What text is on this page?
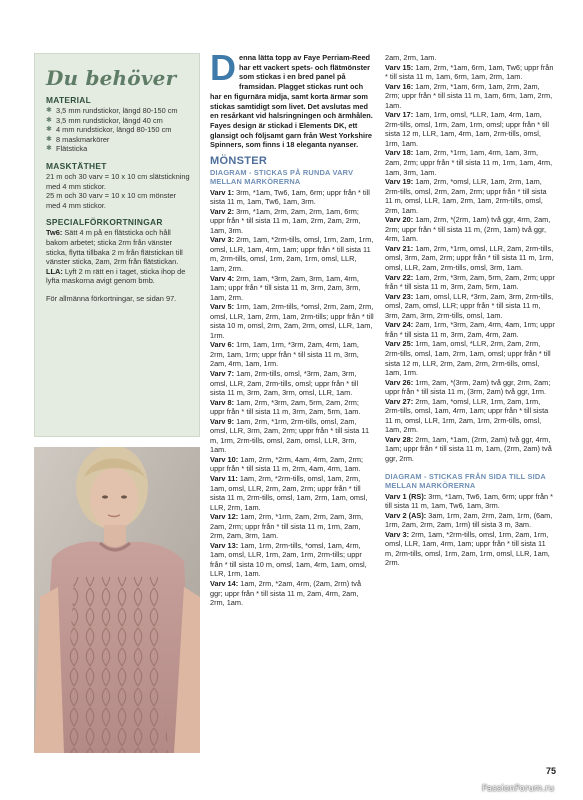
Du behöver
MATERIAL
✱ 3,5 mm rundstickor, längd 80-150 cm
✱ 3,5 mm rundstickor, längd 40 cm
✱ 4 mm rundstickor, längd 80-150 cm
✱ 8 maskmarkörer
✱ Flätsticka
MASKTÄTHET

21 m och 30 varv = 10 x 10 cm slätstickning med 4 mm stickor.

25 m och 30 varv = 10 x 10 cm mönster med 4 mm stickor.

SPECIALFÖRKORTNINGAR

Tw6: Sätt 4 m på en flätsticka och håll bakom arbetet; sticka 2rm från vänster sticka, flytta tillbaka 2 m från flätstickan till vänster sticka, 2am, 2rm från flätstickan.

LLA: Lyft 2 m rätt en i taget, sticka ihop de lyfta maskorna avigt genom bmb.

För allmänna förkortningar, se sidan 97.

Denna lätta topp av Faye Perriam-Reed har ett vackert spets- och flätmönster som stickas i en bred panel på framsidan. Plagget stickas runt och har en figurnära midja, samt korta ärmar som stickas samtidigt som livet. Det avslutas med en resårkant vid halsringningen och ärmhålen. Fayes design är stickad i Elements DK, ett glansigt och följsamt garn från West Yorkshire Spinners, som finns i 18 eleganta nyanser.
MÖNSTER
DIAGRAM - STICKAS PÅ RUNDA VARV MELLAN MARKÖRERNA
Varv 1: 3rm, *1am, Tw6, 1am, 6rm; uppr från * till sista 11 m, 1am, Tw6, 1am, 3rm.
Varv 2: 3rm, *1am, 2rm, 2am, 2rm, 1am, 6rm; uppr från * till sista 11 m, 1am, 2rm, 2am, 2rm, 1am, 3rm.
Varv 3: 2rm, 1am, *2rm-tills, omsl, 1rm, 2am, 1rm, omsl, LLR, 1am, 4rm, 1am; uppr från * till sista 11 m, 2rm-tills, omsl, 1rm, 2am, 1rm, omsl, LLR, 1am, 2rm.
Varv 4: 2rm, 1am, *3rm, 2am, 3rm, 1am, 4rm, 1am; uppr från * till sista 11 m, 3rm, 2am, 3rm, 1am, 2rm.
Varv 5: 1rm, 1am, 2rm-tills, *omsl, 2rm, 2am, 2rm, omsl, LLR, 1am, 2rm, 1am, 2rm-tills; uppr från * till sista 10 m, omsl, 2rm, 2am, 2rm, omsl, LLR, 1am, 1rm.
Varv 6: 1rm, 1am, 1rm, *3rm, 2am, 4rm, 1am, 2rm, 1am, 1rm; uppr från * till sista 11 m, 3rm, 2am, 4rm, 1am, 1rm.
Varv 7: 1am, 2rm-tills, omsl, *3rm, 2am, 3rm, omsl, LLR, 2am, 2rm-tills, omsl; uppr från * till sista 11 m, 3rm, 2am, 3rm, omsl, LLR, 1am.
Varv 8: 1am, 2rm, *3rm, 2am, 5rm, 2am, 2rm; uppr från * till sista 11 m, 3rm, 2am, 5rm, 1am.
Varv 9: 1am, 2rm, *1rm, 2rm-tills, omsl, 2am, omsl, LLR, 3rm, 2am, 2rm; uppr från * till sista 11 m, 1rm, 2rm-tills, omsl, 2am, omsl, LLR, 3rm, 1am.
Varv 10: 1am, 2rm, *2rm, 4am, 4rm, 2am, 2rm; uppr från * till sista 11 m, 2rm, 4am, 4rm, 1am.
Varv 11: 1am, 2rm, *2rm-tills, omsl, 1am, 2rm, 1am, omsl, LLR, 2rm, 2am, 2rm; uppr från * till sista 11 m, 2rm-tills, omsl, 1am, 2rm, 1am, omsl, LLR, 2rm, 1am.
Varv 12: 1am, 2rm, *1rm, 2am, 2rm, 2am, 3rm, 2am, 2rm; uppr från * till sista 11 m, 1rm, 2am, 2rm, 2am, 3rm, 1am.
Varv 13: 1am, 1rm, 2rm-tills, *omsl, 1am, 4rm, 1am, omsl, LLR, 1rm, 2am, 1rm, 2rm-tills; uppr från * till sista 10 m, omsl, 1am, 4rm, 1am, omsl, LLR, 1rm, 1am.
Varv 14: 1am, 2rm, *2am, 4rm, (2am, 2rm) två ggr; uppr från * till sista 11 m, 2am, 4rm, 2am, 2rm, 1am.
2am, 2rm, 1am.
Varv 15: 1am, 2rm, *1am, 6rm, 1am, Tw6; uppr från * till sista 11 m, 1am, 6rm, 1am, 2rm, 1am.
Varv 16: 1am, 2rm, *1am, 6rm, 1am, 2rm, 2am, 2rm; uppr från * till sista 11 m, 1am, 6rm, 1am, 2rm, 1am.
Varv 17: 1am, 1rm, omsl, *LLR, 1am, 4rm, 1am, 2rm-tills, omsl, 1rm, 2am, 1rm, omsl; uppr från * till sista 12 m, LLR, 1am, 4rm, 1am, 2rm-tills, omsl, 1rm, 1am.
Varv 18: 1am, 2rm, *1rm, 1am, 4rm, 1am, 3rm, 2am, 2rm; uppr från * till sista 11 m, 1rm, 1am, 4rm, 1am, 3rm, 1am.
Varv 19: 1am, 2rm, *omsl, LLR, 1am, 2rm, 1am, 2rm-tills, omsl, 2rm, 2am, 2rm; uppr från * till sista 11 m, omsl, LLR, 1am, 2rm, 1am, 2rm-tills, omsl, 2rm, 1am.
Varv 20: 1am, 2rm, *(2rm, 1am) två ggr, 4rm, 2am, 2rm; uppr från * till sista 11 m, (2rm, 1am) två ggr, 4rm, 1am.
Varv 21: 1am, 2rm, *1rm, omsl, LLR, 2am, 2rm-tills, omsl, 3rm, 2am, 2rm; uppr från * till sista 11 m, 1rm, omsl, LLR, 2am, 2rm-tills, omsl, 3rm, 1am.
Varv 22: 1am, 2rm, *3rm, 2am, 5rm, 2am, 2rm; uppr från * till sista 11 m, 3rm, 2am, 5rm, 1am.
Varv 23: 1am, omsl, LLR, *3rm, 2am, 3rm, 2rm-tills, omsl, 2am, omsl, LLR; uppr från * till sista 11 m, 3rm, 2am, 3rm, 2rm-tills, omsl, 1am.
Varv 24: 2am, 1rm, *3rm, 2am, 4rm, 4am, 1rm; uppr från * till sista 11 m, 3rm, 2am, 4rm, 2am.
Varv 25: 1rm, 1am, omsl, *LLR, 2rm, 2am, 2rm, 2rm-tills, omsl, 1am, 2rm, 1am, omsl; uppr från * till sista 12 m, LLR, 2rm, 2am, 2rm, 2rm-tills, omsl, 1am, 1rm.
Varv 26: 1rm, 2am, *(3rm, 2am) två ggr, 2rm, 2am; uppr från * till sista 11 m, (3rm, 2am) två ggr, 1rm.
Varv 27: 2rm, 1am, *omsl, LLR, 1rm, 2am, 1rm, 2rm-tills, omsl, 1am, 4rm, 1am; uppr från * till sista 11 m, omsl, LLR, 1rm, 2am, 1rm, 2rm-tills, omsl, 1am, 2rm.
Varv 28: 2rm, 1am, *1am, (2rm, 2am) två ggr, 4rm, 1am; uppr från * till sista 11 m, 1am, (2rm, 2am) två ggr, 2rm.
DIAGRAM - STICKAS FRÅN SIDA TILL SIDA MELLAN MARKÖRERNA
Varv 1 (RS): 3rm, *1am, Tw6, 1am, 6rm; uppr från * till sista 11 m, 1am, Tw6, 1am, 3rm.
Varv 2 (AS): 3am, 1rm, 2am, 2rm, 2am, 1rm, (6am, 1rm, 2am, 2rm, 2am, 1rm) till sista 3 m, 3am.
Varv 3: 2rm, 1am, *2rm-tills, omsl, 1rm, 2am, 1rm, omsl, LLR, 1am, 4rm, 1am; uppr från * till sista 11 m, 2rm-tills, omsl, 1rm, 2am, 1rm, omsl, LLR, 1am, 2rm.
75
PassionForum.ru
